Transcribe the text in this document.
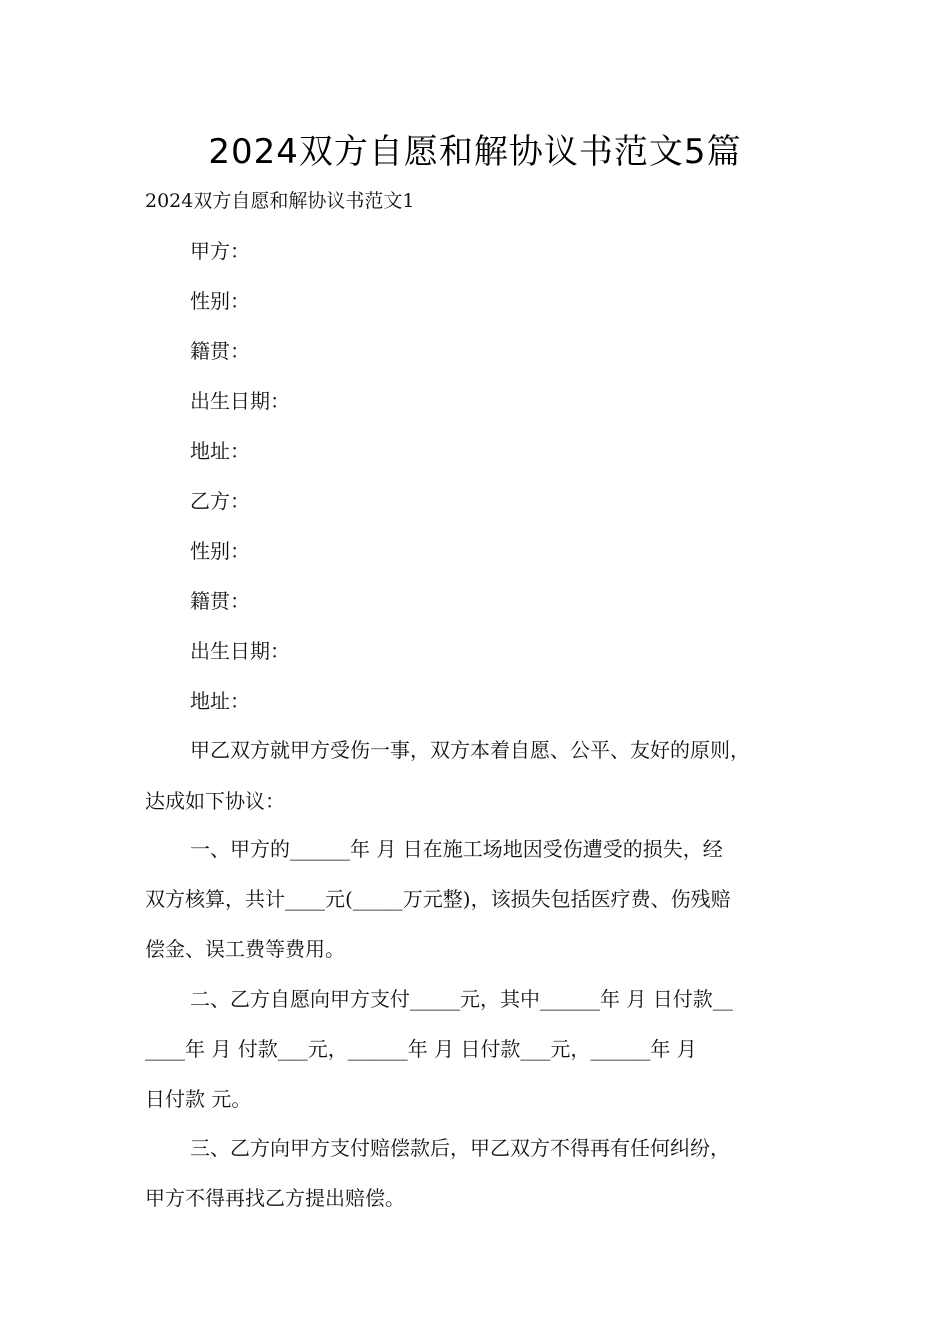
2024双方自愿和解协议书范文5篇
2024双方自愿和解协议书范文1
甲方：
性别：
籍贯：
出生日期：
地址：
乙方：
性别：
籍贯：
出生日期：
地址：
甲乙双方就甲方受伤一事，双方本着自愿、公平、友好的原则，
达成如下协议：
一、甲方的______年 月 日在施工场地因受伤遭受的损失，经
双方核算，共计____元(_____万元整)，该损失包括医疗费、伤残赔
偿金、误工费等费用。
二、乙方自愿向甲方支付_____元，其中______年 月 日付款__
____年 月 付款___元，______年 月 日付款___元，______年 月
日付款 元。
三、乙方向甲方支付赔偿款后，甲乙双方不得再有任何纠纷，
甲方不得再找乙方提出赔偿。
